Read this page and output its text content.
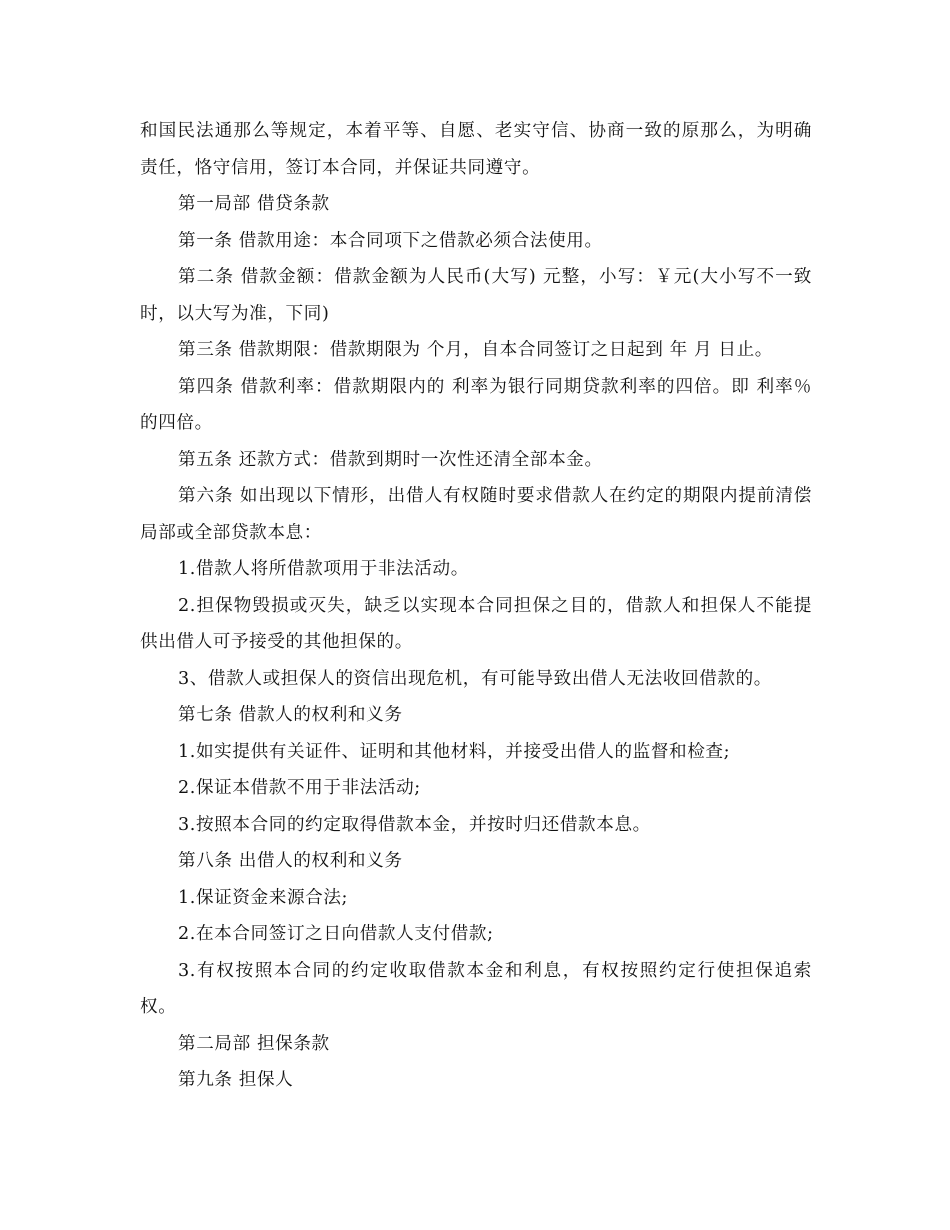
和国民法通那么等规定，本着平等、自愿、老实守信、协商一致的原那么，为明确责任，恪守信用，签订本合同，并保证共同遵守。

第一局部 借贷条款

第一条 借款用途：本合同项下之借款必须合法使用。

第二条 借款金额：借款金额为人民币(大写) 元整，小写：￥元(大小写不一致时，以大写为准，下同)

第三条 借款期限：借款期限为 个月，自本合同签订之日起到 年 月 日止。

第四条 借款利率：借款期限内的 利率为银行同期贷款利率的四倍。即 利率％的四倍。

第五条 还款方式：借款到期时一次性还清全部本金。

第六条 如出现以下情形，出借人有权随时要求借款人在约定的期限内提前清偿局部或全部贷款本息：

1.借款人将所借款项用于非法活动。

2.担保物毁损或灭失，缺乏以实现本合同担保之目的，借款人和担保人不能提供出借人可予接受的其他担保的。

3、借款人或担保人的资信出现危机，有可能导致出借人无法收回借款的。

第七条 借款人的权利和义务

1.如实提供有关证件、证明和其他材料，并接受出借人的监督和检查;

2.保证本借款不用于非法活动;

3.按照本合同的约定取得借款本金，并按时归还借款本息。

第八条 出借人的权利和义务

1.保证资金来源合法;

2.在本合同签订之日向借款人支付借款;

3.有权按照本合同的约定收取借款本金和利息，有权按照约定行使担保追索权。

第二局部 担保条款

第九条 担保人
